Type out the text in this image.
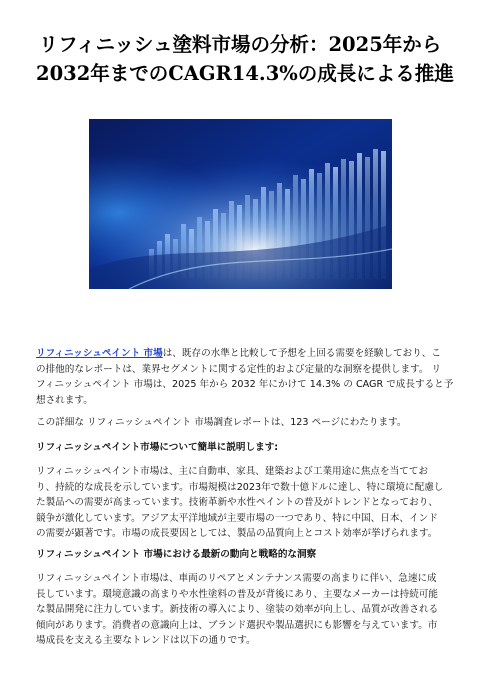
リフィニッシュ塗料市場の分析：2025年から
2032年までのCAGR14.3%の成長による推進

リフィニッシュペイント 市場は、既存の水準と比較して予想を上回る需要を経験しており、こ
の排他的なレポートは、業界セグメントに関する定性的および定量的な洞察を提供します。 リ
フィニッシュペイント 市場は、2025 年から 2032 年にかけて 14.3% の CAGR で成長すると予
想されます。

この詳細な リフィニッシュペイント 市場調査レポートは、123 ページにわたります。

リフィニッシュペイント市場について簡単に説明します:

リフィニッシュペイント市場は、主に自動車、家具、建築および工業用途に焦点を当ててお
り、持続的な成長を示しています。市場規模は2023年で数十億ドルに達し、特に環境に配慮し
た製品への需要が高まっています。技術革新や水性ペイントの普及がトレンドとなっており、
競争が激化しています。アジア太平洋地域が主要市場の一つであり、特に中国、日本、インド
の需要が顕著です。市場の成長要因としては、製品の品質向上とコスト効率が挙げられます。

リフィニッシュペイント 市場における最新の動向と戦略的な洞察

リフィニッシュペイント市場は、車両のリペアとメンテナンス需要の高まりに伴い、急速に成
長しています。環境意識の高まりや水性塗料の普及が背後にあり、主要なメーカーは持続可能
な製品開発に注力しています。新技術の導入により、塗装の効率が向上し、品質が改善される
傾向があります。消費者の意識向上は、ブランド選択や製品選択にも影響を与えています。市
場成長を支える主要なトレンドは以下の通りです。
